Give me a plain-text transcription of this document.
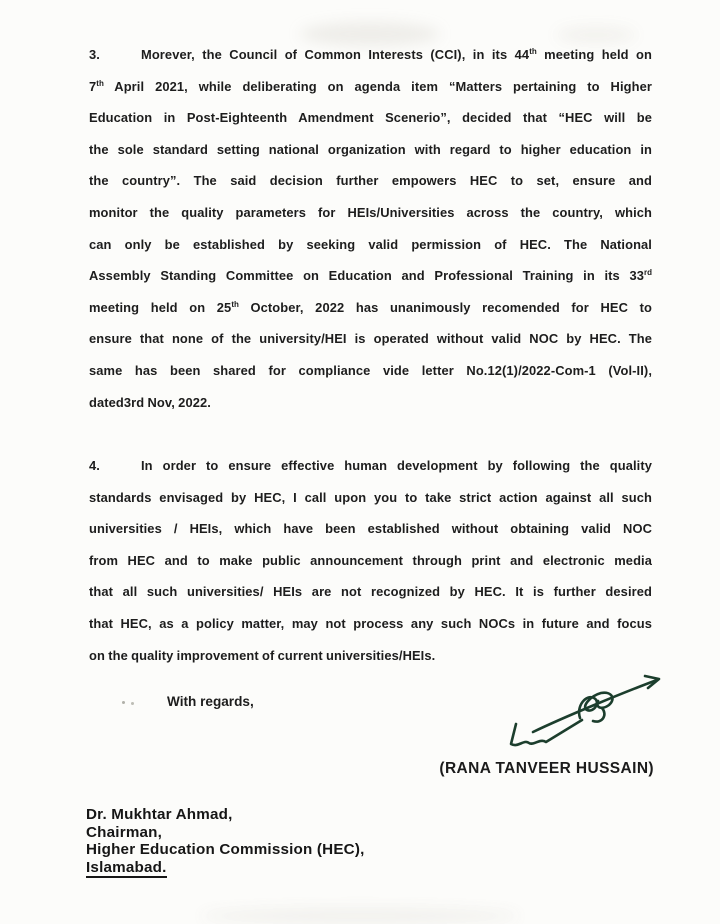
3.	Morever, the Council of Common Interests (CCI), in its 44th meeting held on
7th April 2021, while deliberating on agenda item “Matters pertaining to Higher
Education in Post-Eighteenth Amendment Scenerio”, decided that “HEC will be
the sole standard setting national organization with regard to higher education in
the country”. The said decision further empowers HEC to set, ensure and
monitor the quality parameters for HEIs/Universities across the country, which
can only be established by seeking valid permission of HEC. The National
Assembly Standing Committee on Education and Professional Training in its 33rd
meeting held on 25th October, 2022 has unanimously recomended for HEC to
ensure that none of the university/HEI is operated without valid NOC by HEC. The
same has been shared for compliance vide letter No.12(1)/2022-Com-1 (Vol-II),
dated3rd Nov, 2022.
4.	In order to ensure effective human development by following the quality
standards envisaged by HEC, I call upon you to take strict action against all such
universities / HEIs, which have been established without obtaining valid NOC
from HEC and to make public announcement through print and electronic media
that all such universities/ HEIs are not recognized by HEC. It is further desired
that HEC, as a policy matter, may not process any such NOCs in future and focus
on the quality improvement of current universities/HEIs.
With regards,
(RANA TANVEER HUSSAIN)
Dr. Mukhtar Ahmad,
Chairman,
Higher Education Commission (HEC),
Islamabad.
